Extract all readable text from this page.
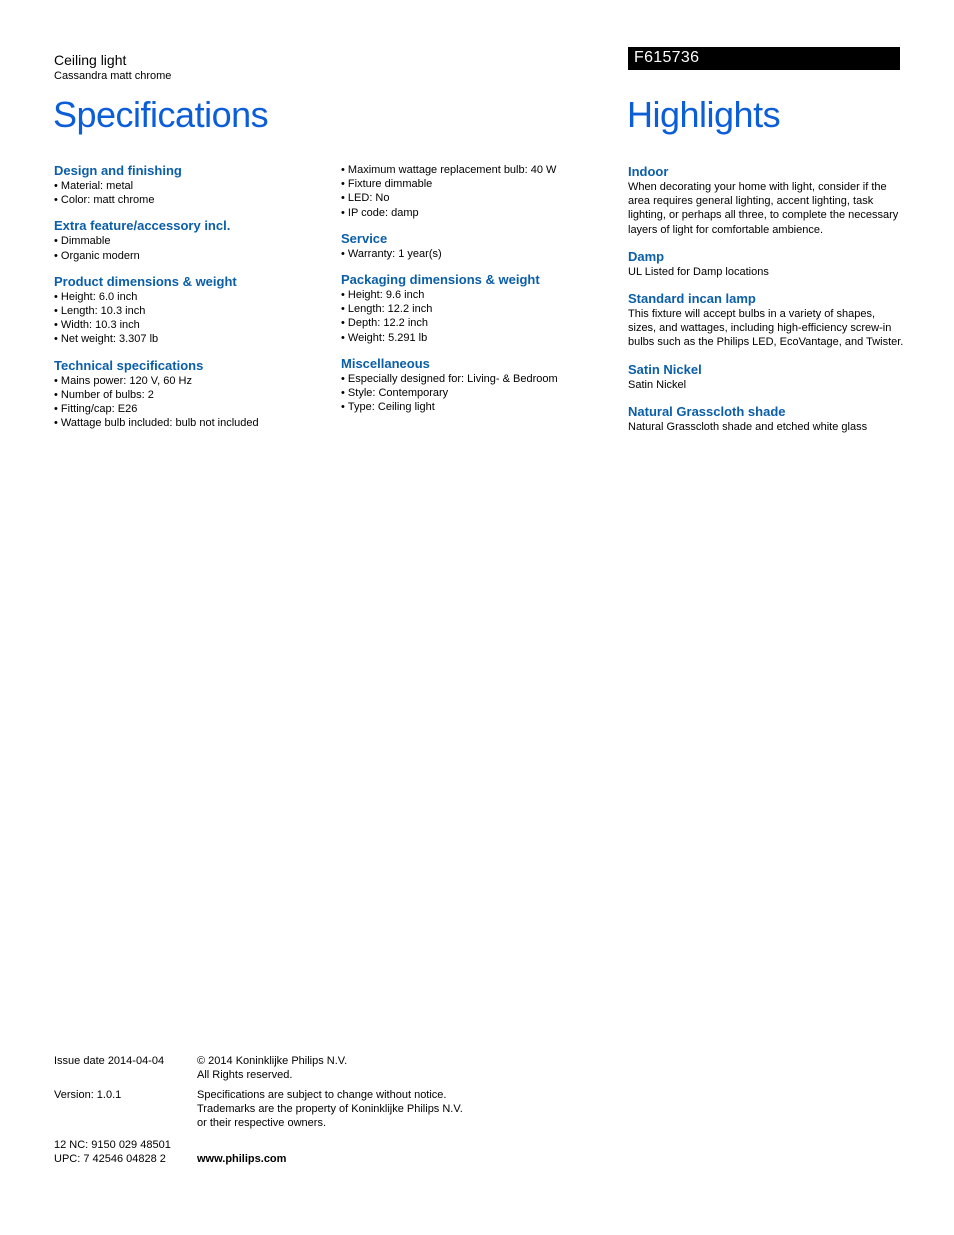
Ceiling light
Cassandra matt chrome
F615736
Specifications	Highlights
Design and finishing
• Material: metal
• Color: matt chrome
Extra feature/accessory incl.
• Dimmable
• Organic modern
Product dimensions & weight
• Height: 6.0 inch
• Length: 10.3 inch
• Width: 10.3 inch
• Net weight: 3.307 lb
Technical specifications
• Mains power: 120 V, 60 Hz
• Number of bulbs: 2
• Fitting/cap: E26
• Wattage bulb included: bulb not included
• Maximum wattage replacement bulb: 40 W
• Fixture dimmable
• LED: No
• IP code: damp
Service
• Warranty: 1 year(s)
Packaging dimensions & weight
• Height: 9.6 inch
• Length: 12.2 inch
• Depth: 12.2 inch
• Weight: 5.291 lb
Miscellaneous
• Especially designed for: Living- & Bedroom
• Style: Contemporary
• Type: Ceiling light
Indoor

When decorating your home with light, consider if the area requires general lighting, accent lighting, task lighting, or perhaps all three, to complete the necessary layers of light for comfortable ambience.

Damp

UL Listed for Damp locations

Standard incan lamp

This fixture will accept bulbs in a variety of shapes, sizes, and wattages, including high-efficiency screw-in bulbs such as the Philips LED, EcoVantage, and Twister.

Satin Nickel

Satin Nickel

Natural Grasscloth shade

Natural Grasscloth shade and etched white glass

Issue date 2014-04-04
Version: 1.0.1
12 NC: 9150 029 48501
UPC: 7 42546 04828 2
© 2014 Koninklijke Philips N.V.
All Rights reserved.
Specifications are subject to change without notice.
Trademarks are the property of Koninklijke Philips N.V.
or their respective owners.
www.philips.com
